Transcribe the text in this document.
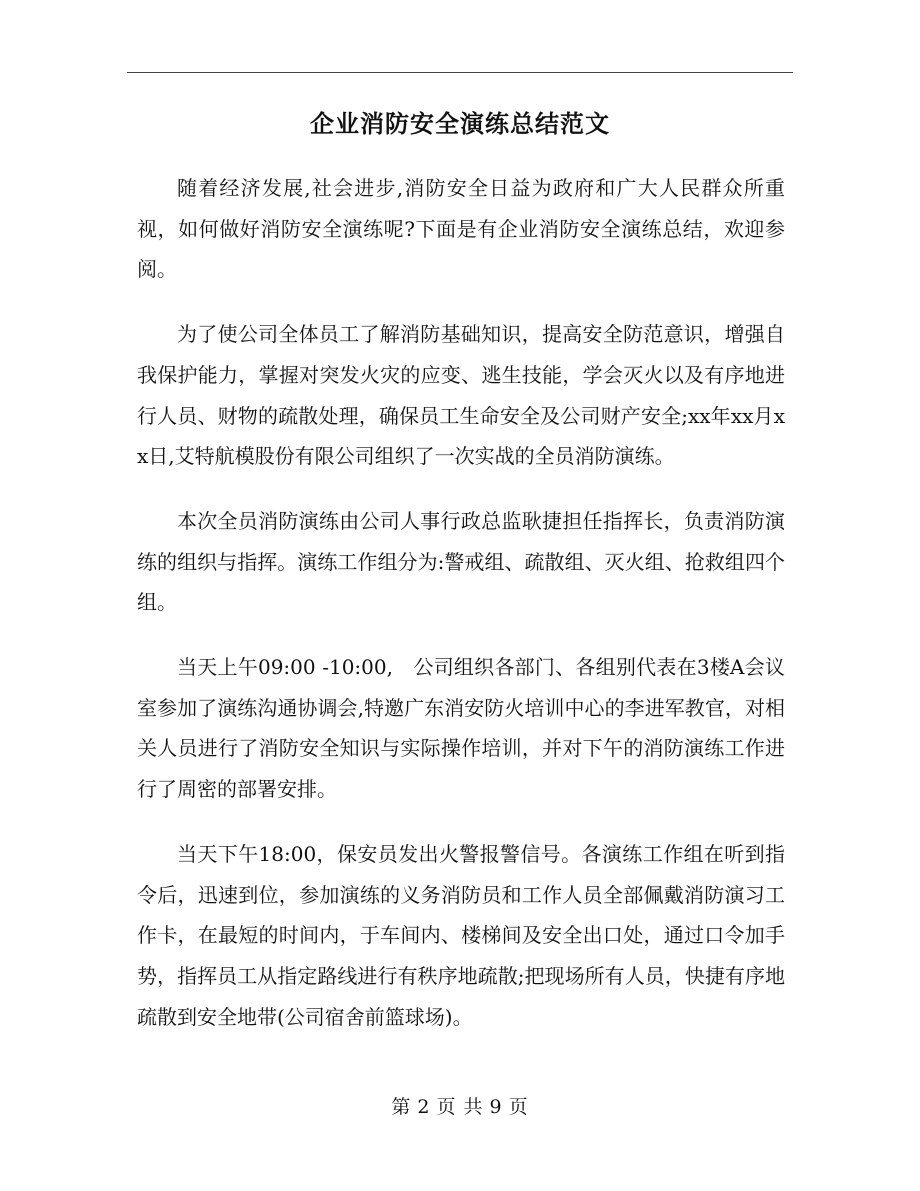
企业消防安全演练总结范文

随着经济发展,社会进步,消防安全日益为政府和广大人民群众所重视，如何做好消防安全演练呢?下面是有企业消防安全演练总结，欢迎参阅。

为了使公司全体员工了解消防基础知识，提高安全防范意识，增强自我保护能力，掌握对突发火灾的应变、逃生技能，学会灭火以及有序地进行人员、财物的疏散处理，确保员工生命安全及公司财产安全;xx年xx月xx日,艾特航模股份有限公司组织了一次实战的全员消防演练。

本次全员消防演练由公司人事行政总监耿捷担任指挥长，负责消防演练的组织与指挥。演练工作组分为:警戒组、疏散组、灭火组、抢救组四个组。

当天上午09:00 -10:00,　公司组织各部门、各组别代表在3楼A会议室参加了演练沟通协调会,特邀广东消安防火培训中心的李进军教官，对相关人员进行了消防安全知识与实际操作培训，并对下午的消防演练工作进行了周密的部署安排。

当天下午18:00，保安员发出火警报警信号。各演练工作组在听到指令后，迅速到位，参加演练的义务消防员和工作人员全部佩戴消防演习工作卡，在最短的时间内，于车间内、楼梯间及安全出口处，通过口令加手势，指挥员工从指定路线进行有秩序地疏散;把现场所有人员，快捷有序地疏散到安全地带(公司宿舍前篮球场)。

第 2 页 共 9 页
